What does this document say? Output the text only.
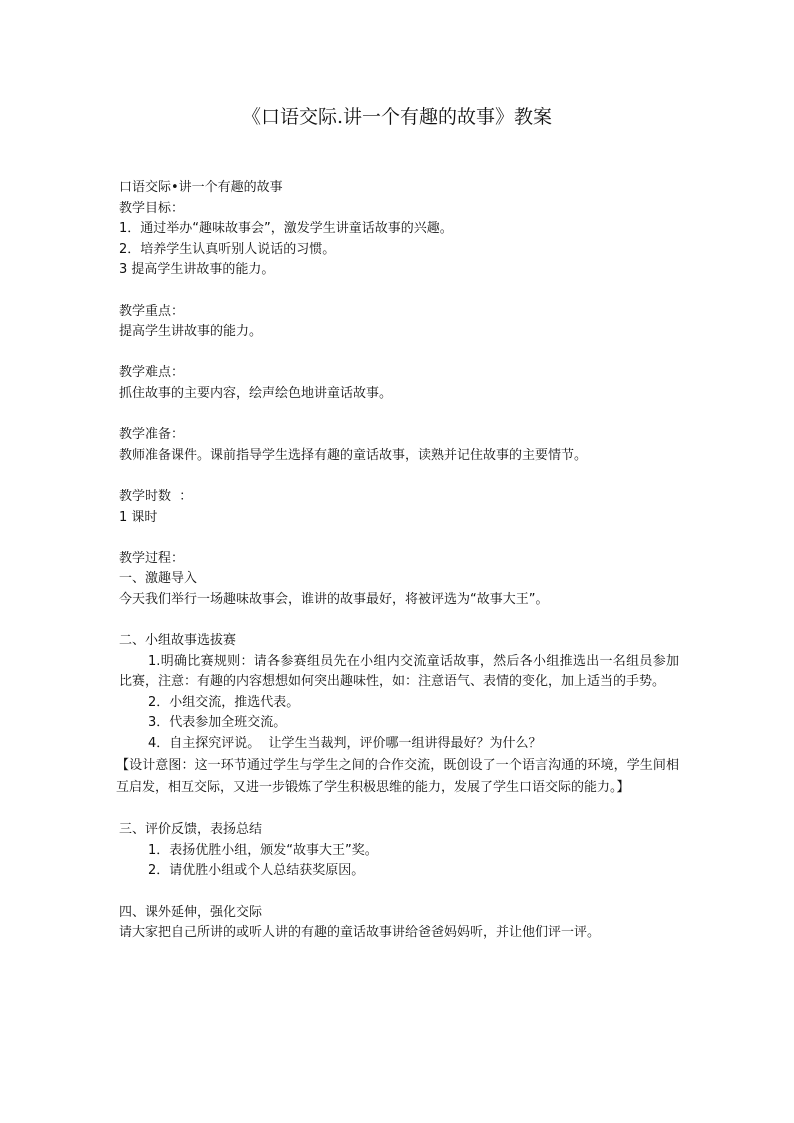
《口语交际.讲一个有趣的故事》教案

口语交际•讲一个有趣的故事

教学目标：

1．通过举办“趣味故事会”，激发学生讲童话故事的兴趣。

2．培养学生认真听别人说话的习惯。

3 提高学生讲故事的能力。

教学重点：

提高学生讲故事的能力。

教学难点：

抓住故事的主要内容，绘声绘色地讲童话故事。

教学准备：

教师准备课件。课前指导学生选择有趣的童话故事，读熟并记住故事的主要情节。

教学时数  ：

1 课时

教学过程：

一、激趣导入

今天我们举行一场趣味故事会，谁讲的故事最好，将被评选为“故事大王”。

二、小组故事选拔赛

1.明确比赛规则：请各参赛组员先在小组内交流童话故事，然后各小组推选出一名组员参加比赛，注意：有趣的内容想想如何突出趣味性，如：注意语气、表情的变化，加上适当的手势。

2．小组交流，推选代表。

3．代表参加全班交流。

4．自主探究评说。  让学生当裁判，评价哪一组讲得最好？为什么？

【设计意图：这一环节通过学生与学生之间的合作交流，既创设了一个语言沟通的环境，学生间相互启发，相互交际，又进一步锻炼了学生积极思维的能力，发展了学生口语交际的能力。】

三、评价反馈，表扬总结

1．表扬优胜小组，颁发“故事大王”奖。

2．请优胜小组或个人总结获奖原因。

四、课外延伸，强化交际

请大家把自己所讲的或听人讲的有趣的童话故事讲给爸爸妈妈听，并让他们评一评。
